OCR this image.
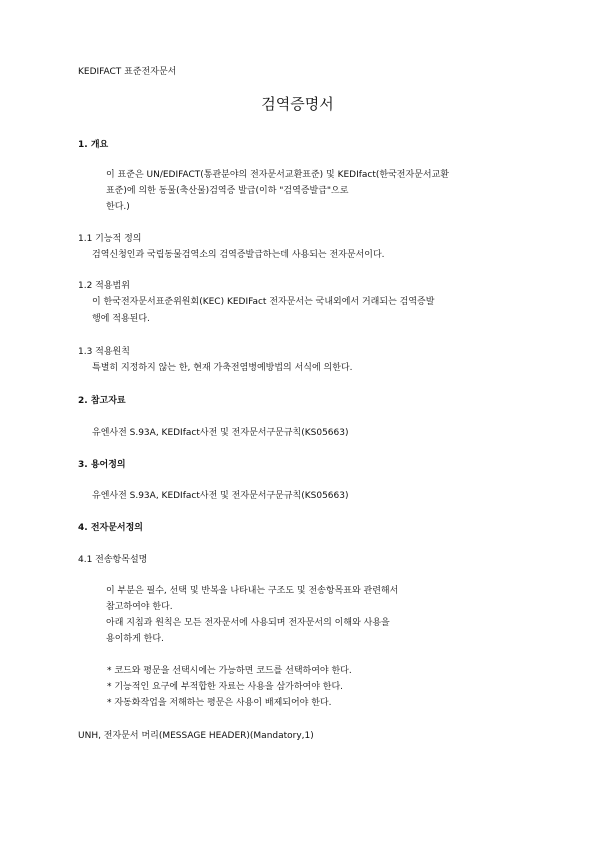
KEDIFACT 표준전자문서
검역증명서
1. 개요
이 표준은 UN/EDIFACT(통관분야의 전자문서교환표준) 및 KEDIfact(한국전자문서교환
표준)에 의한 동물(축산물)검역증 발급(이하 "검역증발급"으로
한다.)
1.1 기능적 정의
검역신청인과 국립동물검역소의 검역증발급하는데 사용되는 전자문서이다.
1.2 적용범위
이 한국전자문서표준위원회(KEC) KEDIFact 전자문서는 국내외에서 거래되는 검역증발
행에 적용된다.
1.3 적용원칙
특별히 지정하지 않는 한, 현재 가축전염병예방법의 서식에 의한다.
2. 참고자료
유엔사전 S.93A, KEDIfact사전 및 전자문서구문규칙(KS05663)
3. 용어정의
유엔사전 S.93A, KEDIfact사전 및 전자문서구문규칙(KS05663)
4. 전자문서정의
4.1 전송항목설명
이 부분은 필수, 선택 및 반복을 나타내는 구조도 및 전송항목표와 관련해서
참고하여야 한다.
아래 지침과 원칙은 모든 전자문서에 사용되며 전자문서의 이해와 사용을
용이하게 한다.
* 코드와 평문을 선택시에는 가능하면 코드를 선택하여야 한다.
* 기능적인 요구에 부적합한 자료는 사용을 삼가하여야 한다.
* 자동화작업을 저해하는 평문은 사용이 배제되어야 한다.
UNH, 전자문서 머리(MESSAGE HEADER)(Mandatory,1)
